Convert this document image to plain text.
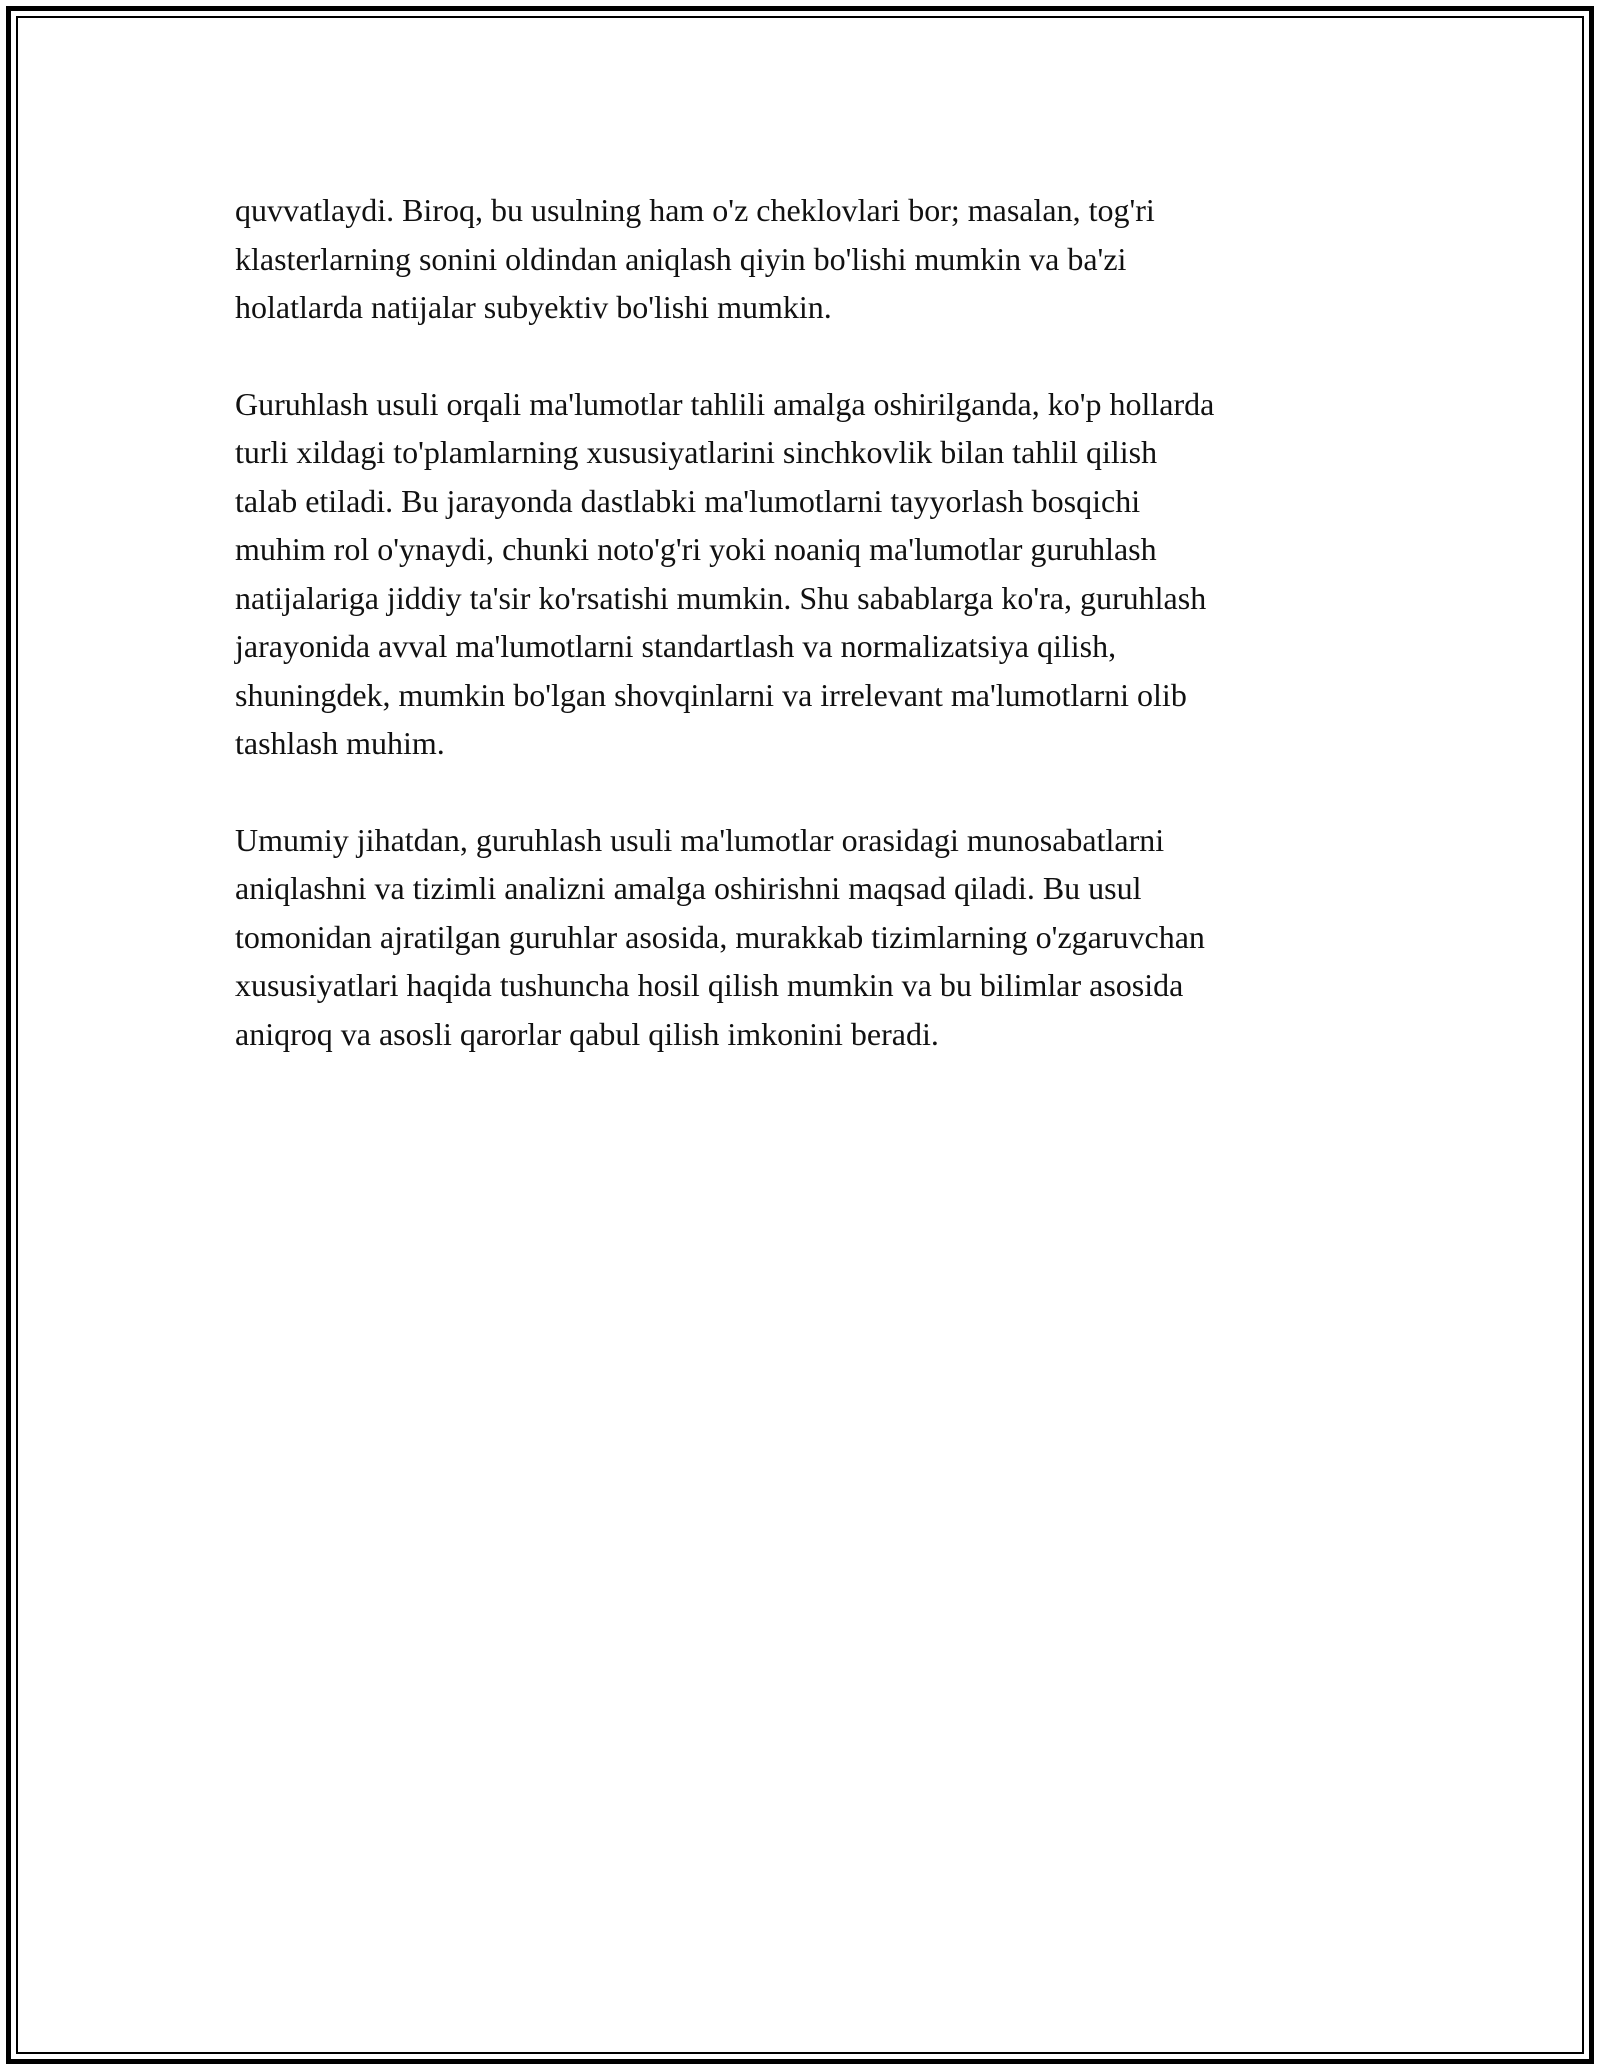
quvvatlaydi. Biroq, bu usulning ham o'z cheklovlari bor; masalan, tog'ri
klasterlarning sonini oldindan aniqlash qiyin bo'lishi mumkin va ba'zi
holatlarda natijalar subyektiv bo'lishi mumkin.

Guruhlash usuli orqali ma'lumotlar tahlili amalga oshirilganda, ko'p hollarda
turli xildagi to'plamlarning xususiyatlarini sinchkovlik bilan tahlil qilish
talab etiladi. Bu jarayonda dastlabki ma'lumotlarni tayyorlash bosqichi
muhim rol o'ynaydi, chunki noto'g'ri yoki noaniq ma'lumotlar guruhlash
natijalariga jiddiy ta'sir ko'rsatishi mumkin. Shu sabablarga ko'ra, guruhlash
jarayonida avval ma'lumotlarni standartlash va normalizatsiya qilish,
shuningdek, mumkin bo'lgan shovqinlarni va irrelevant ma'lumotlarni olib
tashlash muhim.

Umumiy jihatdan, guruhlash usuli ma'lumotlar orasidagi munosabatlarni
aniqlashni va tizimli analizni amalga oshirishni maqsad qiladi. Bu usul
tomonidan ajratilgan guruhlar asosida, murakkab tizimlarning o'zgaruvchan
xususiyatlari haqida tushuncha hosil qilish mumkin va bu bilimlar asosida
aniqroq va asosli qarorlar qabul qilish imkonini beradi.
